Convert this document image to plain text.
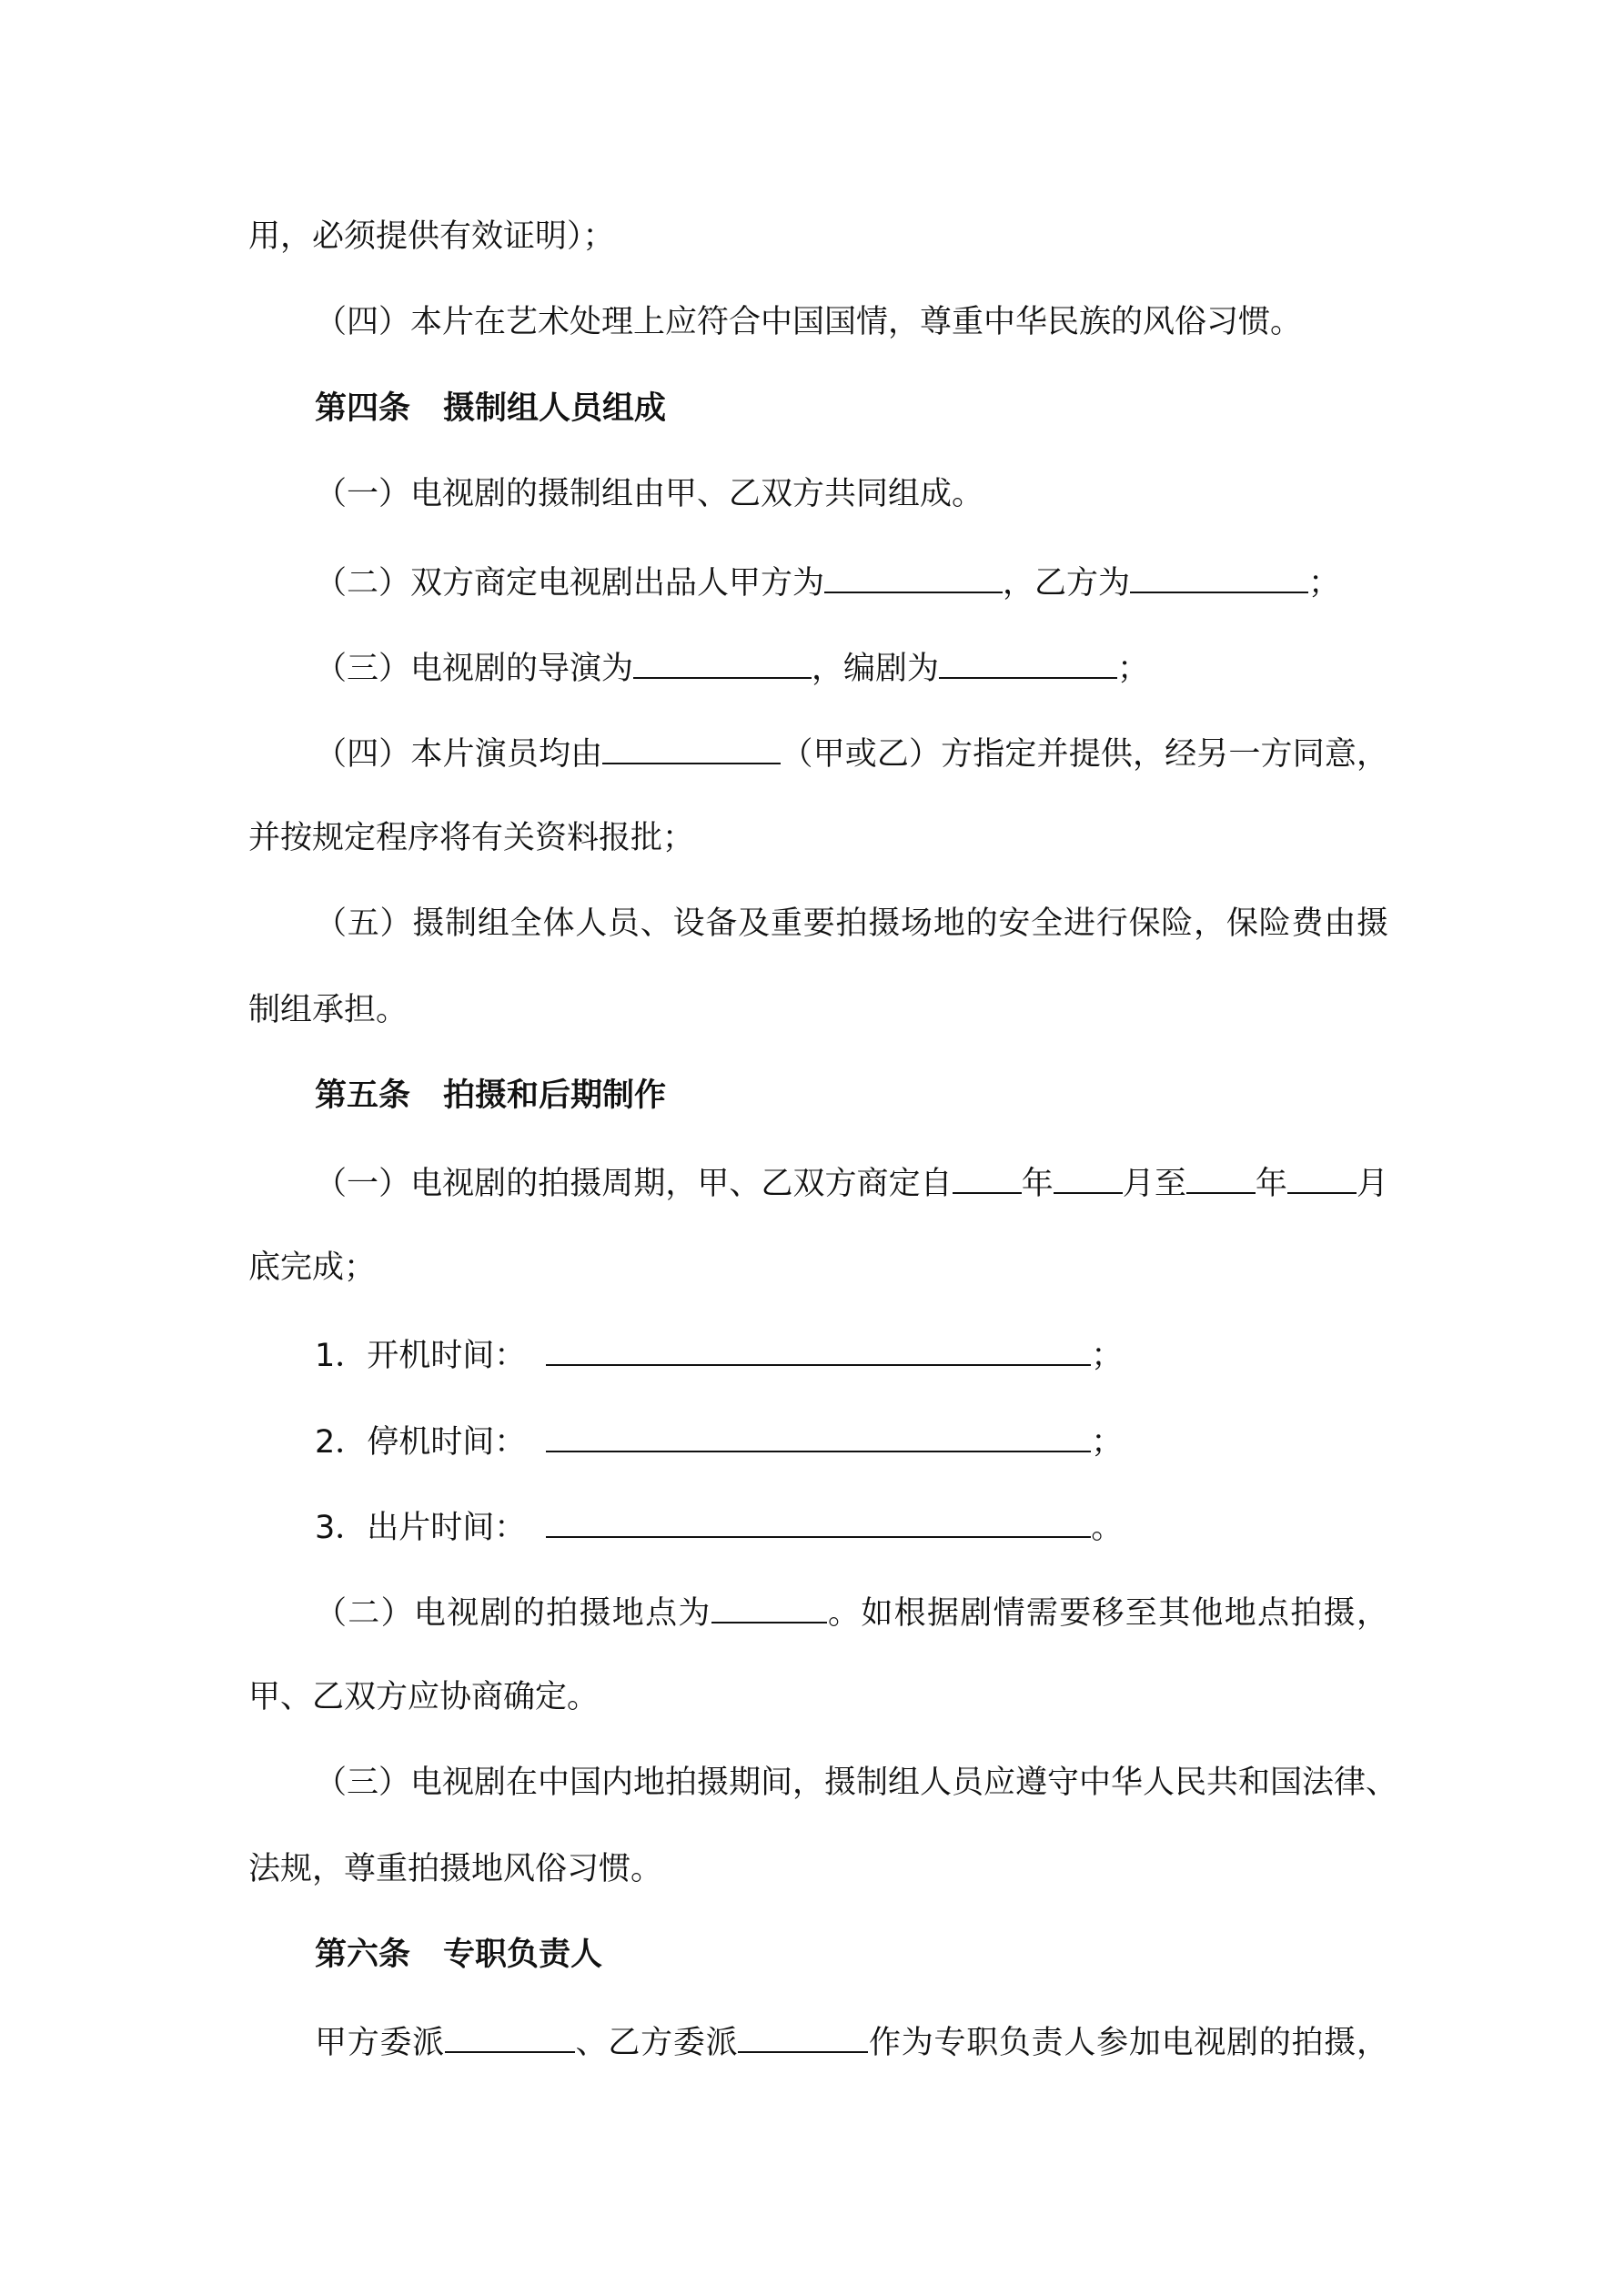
用，必须提供有效证明）；
（四）本片在艺术处理上应符合中国国情，尊重中华民族的风俗习惯。
第四条 摄制组人员组成
（一）电视剧的摄制组由甲、乙双方共同组成。
（二）双方商定电视剧出品人甲方为	，乙方为	；
（三）电视剧的导演为	，编剧为	；
（四）本片演员均由	（甲或乙）方指定并提供，经另一方同意，
并按规定程序将有关资料报批；
（五）摄制组全体人员、设备及重要拍摄场地的安全进行保险，保险费由摄
制组承担。
第五条 拍摄和后期制作
（一）电视剧的拍摄周期，甲、乙双方商定自 年 月至 年 月
底完成；
1．开机时间：	；
2．停机时间：	；
3．出片时间：	。
（二）电视剧的拍摄地点为	。如根据剧情需要移至其他地点拍摄，
甲、乙双方应协商确定。
（三）电视剧在中国内地拍摄期间，摄制组人员应遵守中华人民共和国法律、
法规，尊重拍摄地风俗习惯。
第六条 专职负责人
甲方委派	、乙方委派	作为专职负责人参加电视剧的拍摄，
